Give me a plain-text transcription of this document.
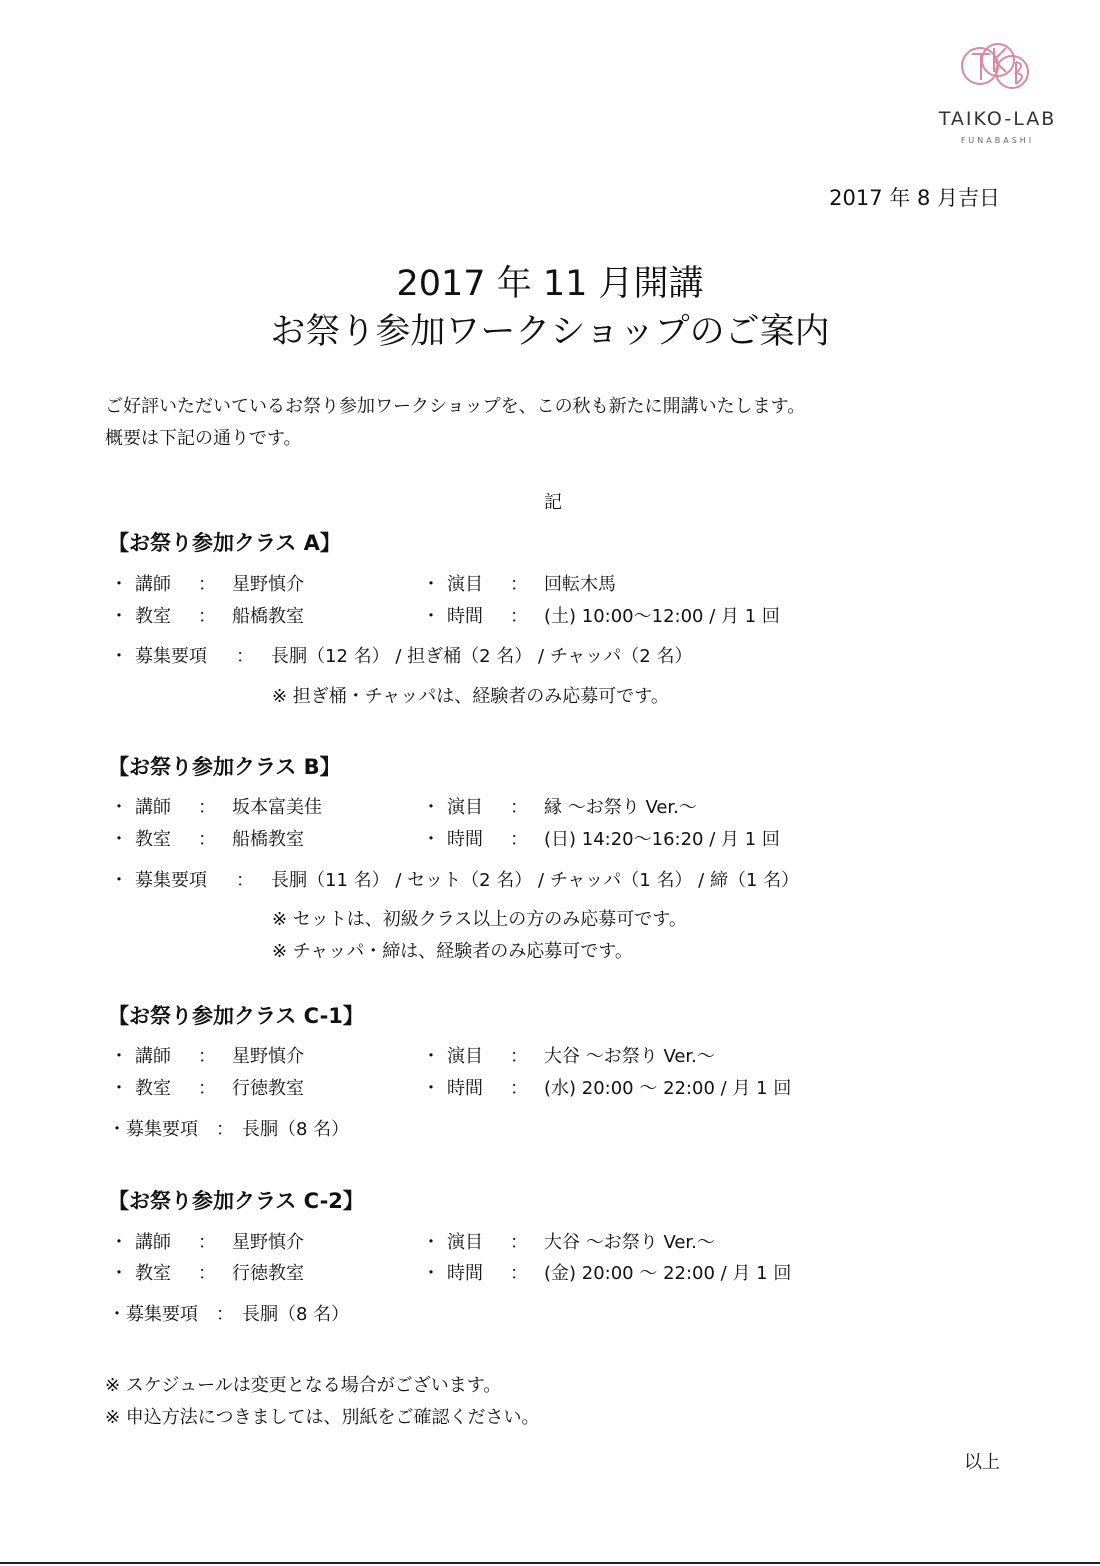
TAIKO-LAB
FUNABASHI
2017 年 8 月吉日
2017 年 11 月開講
お祭り参加ワークショップのご案内
ご好評いただいているお祭り参加ワークショップを、この秋も新たに開講いたします。
概要は下記の通りです。
記
【お祭り参加クラス A】
・ 講師 ： 星野慎介	・ 演目 ： 回転木馬
・ 教室 ： 船橋教室	・ 時間 ： (土) 10:00～12:00 / 月 1 回
・ 募集要項 ： 長胴（12 名） / 担ぎ桶（2 名） / チャッパ（2 名）
※ 担ぎ桶・チャッパは、経験者のみ応募可です。
【お祭り参加クラス B】
・ 講師 ： 坂本富美佳	・ 演目 ： 縁 ～お祭り Ver.～
・ 教室 ： 船橋教室	・ 時間 ： (日) 14:20～16:20 / 月 1 回
・ 募集要項 ： 長胴（11 名） / セット（2 名） / チャッパ（1 名） / 締（1 名）
※ セットは、初級クラス以上の方のみ応募可です。
※ チャッパ・締は、経験者のみ応募可です。
【お祭り参加クラス C-1】
・ 講師 ： 星野慎介	・ 演目 ： 大谷 ～お祭り Ver.～
・ 教室 ： 行徳教室	・ 時間 ： (水) 20:00 ～ 22:00 / 月 1 回
・募集要項　： 長胴（8 名）
【お祭り参加クラス C-2】
・ 講師 ： 星野慎介	・ 演目 ： 大谷 ～お祭り Ver.～
・ 教室 ： 行徳教室	・ 時間 ： (金) 20:00 ～ 22:00 / 月 1 回
・募集要項　： 長胴（8 名）
※ スケジュールは変更となる場合がございます。
※ 申込方法につきましては、別紙をご確認ください。
以上
